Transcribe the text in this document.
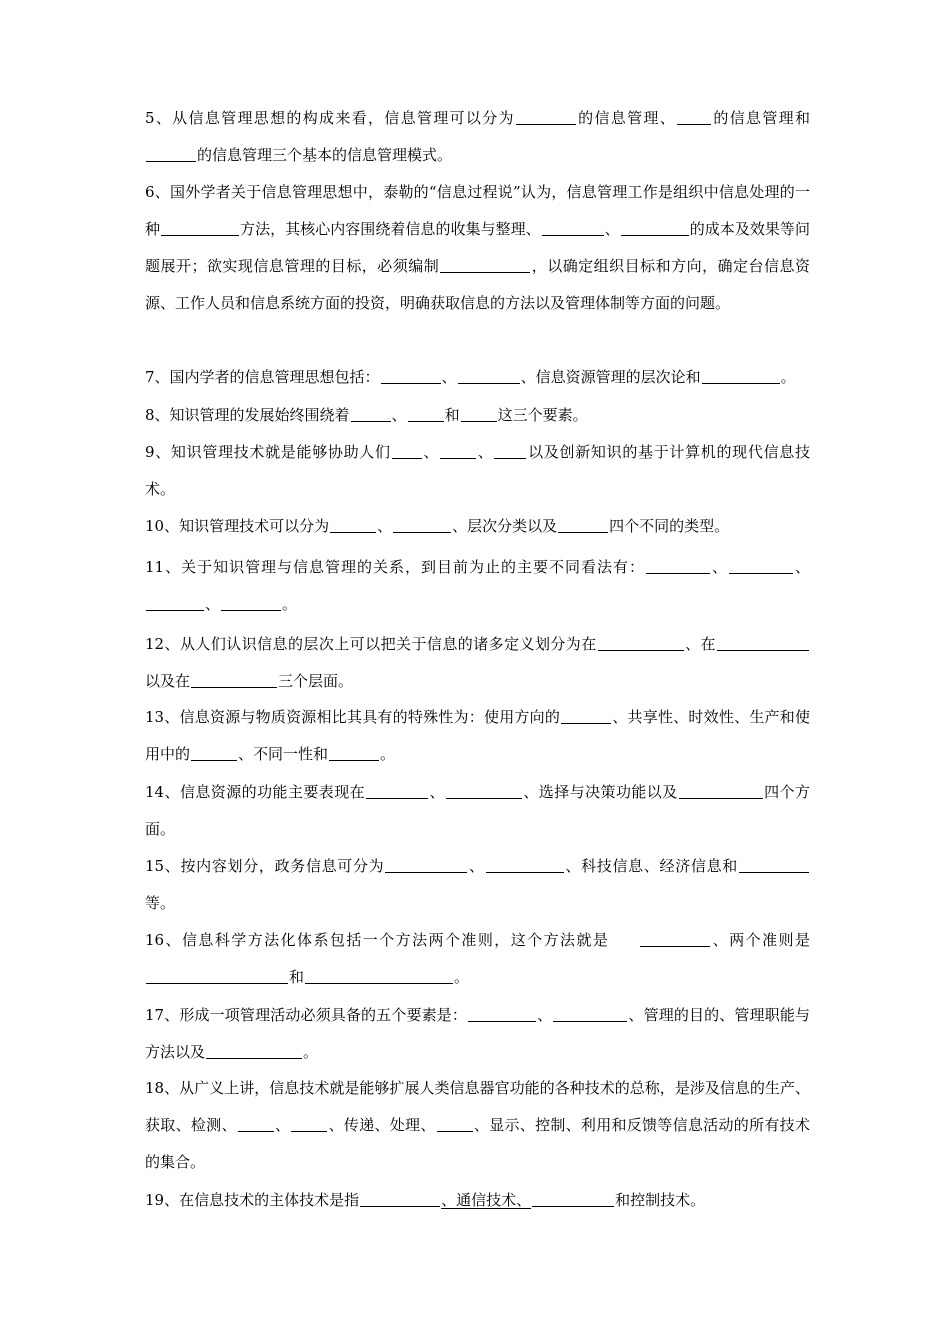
5、从信息管理思想的构成来看，信息管理可以分为	的信息管理、 的信息管理和的信息管理三个基本的信息管理模式。

6、国外学者关于信息管理思想中，泰勒的“信息过程说”认为，信息管理工作是组织中信息处理的一种	方法，其核心内容围绕着信息的收集与整理、	、	的成本及效果等问题展开；欲实现信息管理的目标，必须编制	，以确定组织目标和方向，确定台信息资源、工作人员和信息系统方面的投资，明确获取信息的方法以及管理体制等方面的问题。

7、国内学者的信息管理思想包括：	、	、信息资源管理的层次论和	。

8、知识管理的发展始终围绕着	、	和	这三个要素。

9、知识管理技术就是能够协助人们 、	、 以及创新知识的基于计算机的现代信息技术。

10、知识管理技术可以分为	、	、层次分类以及	四个不同的类型。

11、关于知识管理与信息管理的关系，到目前为止的主要不同看法有：	、	、、	。

12、从人们认识信息的层次上可以把关于信息的诸多定义划分为在	、在以及在	三个层面。

13、信息资源与物质资源相比其具有的特殊性为：使用方向的	、共享性、时效性、生产和使用中的	、不同一性和	。

14、信息资源的功能主要表现在	、	、选择与决策功能以及	四个方面。

15、按内容划分，政务信息可分为	、	、科技信息、经济信息和等。

16、信息科学方法化体系包括一个方法两个准则，这个方法就是	、两个准则是和	。

17、形成一项管理活动必须具备的五个要素是：	、	、管理的目的、管理职能与方法以及	。

18、从广义上讲，信息技术就是能够扩展人类信息器官功能的各种技术的总称，是涉及信息的生产、获取、检测、	、	、传递、处理、	、显示、控制、利用和反馈等信息活动的所有技术的集合。

19、在信息技术的主体技术是指	、通信技术、	和控制技术。
